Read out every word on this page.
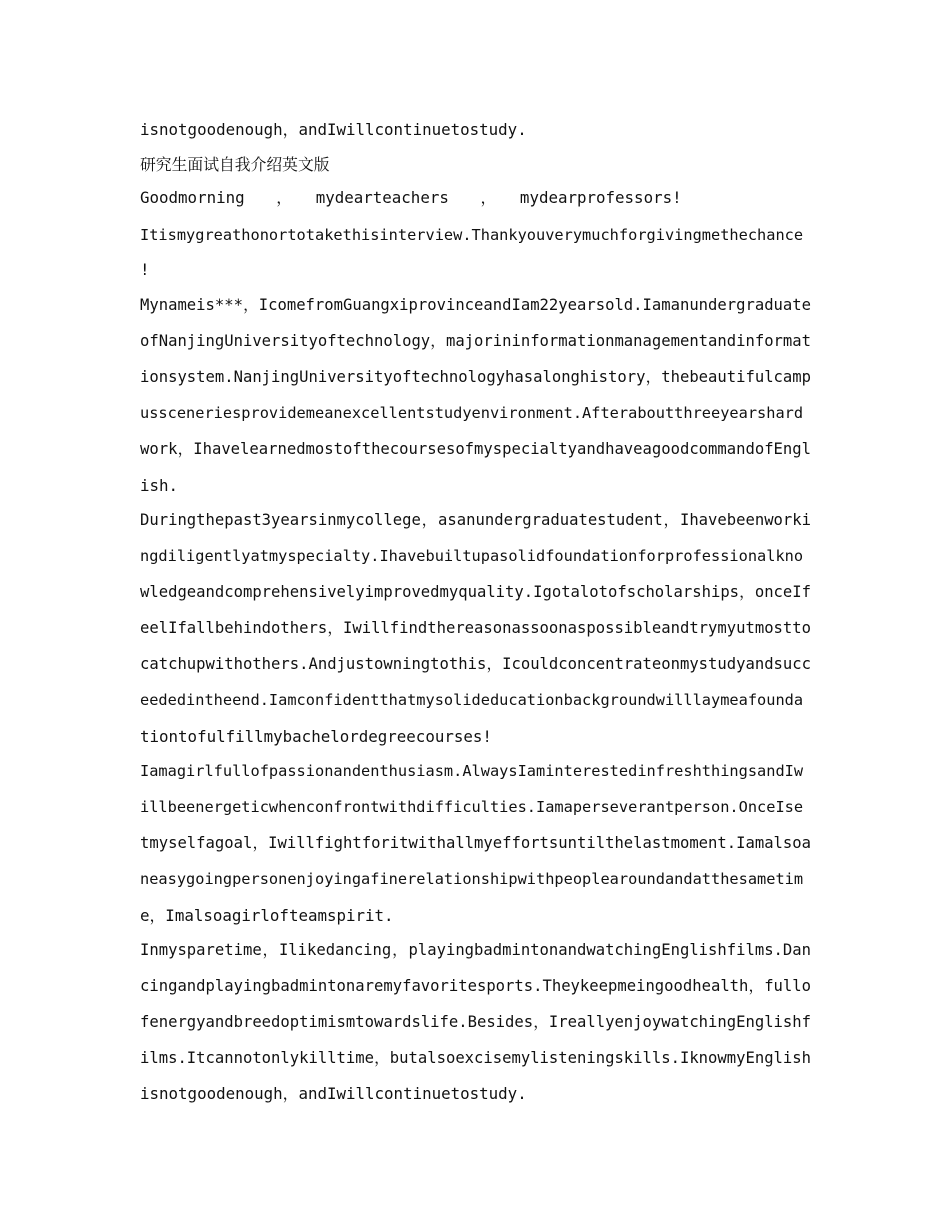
isnotgoodenough，andIwillcontinuetostudy.
研究生面试自我介绍英文版
Goodmorning　　，　　mydearteachers　　，　　mydearprofessors!
Itismygreathonortotakethisinterview.Thankyouverymuchforgivingmethechance
!
Mynameis***，IcomefromGuangxiprovinceandIam22yearsold.Iamanundergraduate
ofNanjingUniversityoftechnology，majorininformationmanagementandinformat
ionsystem.NanjingUniversityoftechnologyhasalonghistory，thebeautifulcamp
ussceneriesprovidemeanexcellentstudyenvironment.Afteraboutthreeyearshard
work，IhavelearnedmostofthecoursesofmyspecialtyandhaveagoodcommandofEngl
ish.
Duringthepast3yearsinmycollege，asanundergraduatestudent，Ihavebeenworki
ngdiligentlyatmyspecialty.Ihavebuiltupasolidfoundationforprofessionalkno
wledgeandcomprehensivelyimprovedmyquality.Igotalotofscholarships，onceIf
eelIfallbehindothers，Iwillfindthereasonassoonaspossibleandtrymyutmostto
catchupwithothers.Andjustowningtothis，Icouldconcentrateonmystudyandsucc
eededintheend.Iamconfidentthatmysolideducationbackgroundwilllaymeafounda
tiontofulfillmybachelordegreecourses!
Iamagirlfullofpassionandenthusiasm.AlwaysIaminterestedinfreshthingsandIw
illbeenergeticwhenconfrontwithdifficulties.Iamaperseverantperson.OnceIse
tmyselfagoal，Iwillfightforitwithallmyeffortsuntilthelastmoment.Iamalsoa
neasygoingpersonenjoyingafinerelationshipwithpeoplearoundandatthesametim
e，Imalsoagirlofteamspirit.
Inmysparetime，Ilikedancing，playingbadmintonandwatchingEnglishfilms.Dan
cingandplayingbadmintonaremyfavoritesports.Theykeepmeingoodhealth，fullo
fenergyandbreedoptimismtowardslife.Besides，IreallyenjoywatchingEnglishf
ilms.Itcannotonlykilltime，butalsoexcisemylisteningskills.IknowmyEnglish
isnotgoodenough，andIwillcontinuetostudy.
